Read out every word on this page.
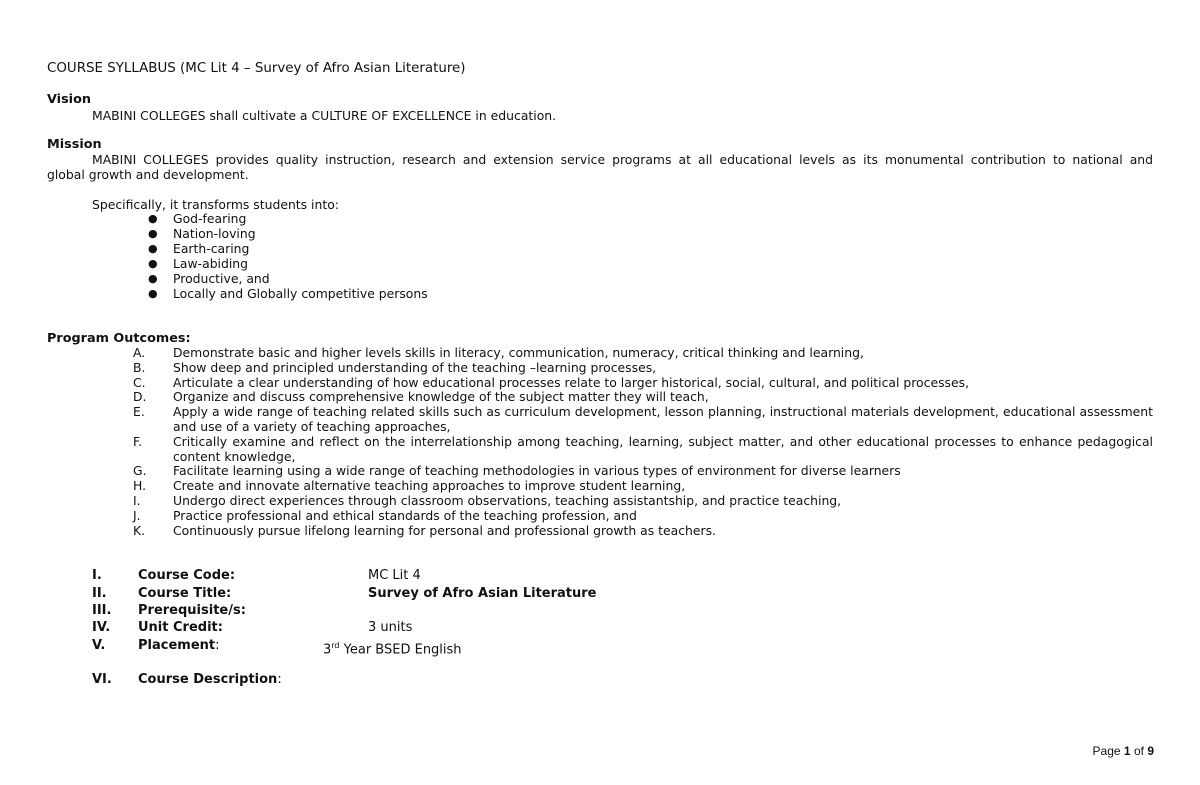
COURSE SYLLABUS (MC Lit 4 – Survey of Afro Asian Literature)
Vision
MABINI COLLEGES shall cultivate a CULTURE OF EXCELLENCE in education.
Mission
MABINI COLLEGES provides quality instruction, research and extension service programs at all educational levels as its monumental contribution to national and
global growth and development.
Specifically, it transforms students into:
● God-fearing
● Nation-loving
● Earth-caring
● Law-abiding
● Productive, and
● Locally and Globally competitive persons
Program Outcomes:
A. Demonstrate basic and higher levels skills in literacy, communication, numeracy, critical thinking and learning,
B. Show deep and principled understanding of the teaching –learning processes,
C. Articulate a clear understanding of how educational processes relate to larger historical, social, cultural, and political processes,
D. Organize and discuss comprehensive knowledge of the subject matter they will teach,
E. Apply a wide range of teaching related skills such as curriculum development, lesson planning, instructional materials development, educational assessment and use of a variety of teaching approaches,
F. Critically examine and reflect on the interrelationship among teaching, learning, subject matter, and other educational processes to enhance pedagogical content knowledge,
G. Facilitate learning using a wide range of teaching methodologies in various types of environment for diverse learners
H. Create and innovate alternative teaching approaches to improve student learning,
I.	Undergo direct experiences through classroom observations, teaching assistantship, and practice teaching,
J.	Practice professional and ethical standards of the teaching profession, and
K. Continuously pursue lifelong learning for personal and professional growth as teachers.
I.	Course Code:	MC Lit 4
II. Course Title:	Survey of Afro Asian Literature
III. Prerequisite/s:
IV. Unit Credit:	3 units
V.	Placement:	3rd Year BSED English
VI. Course Description:
Page 1 of 9
